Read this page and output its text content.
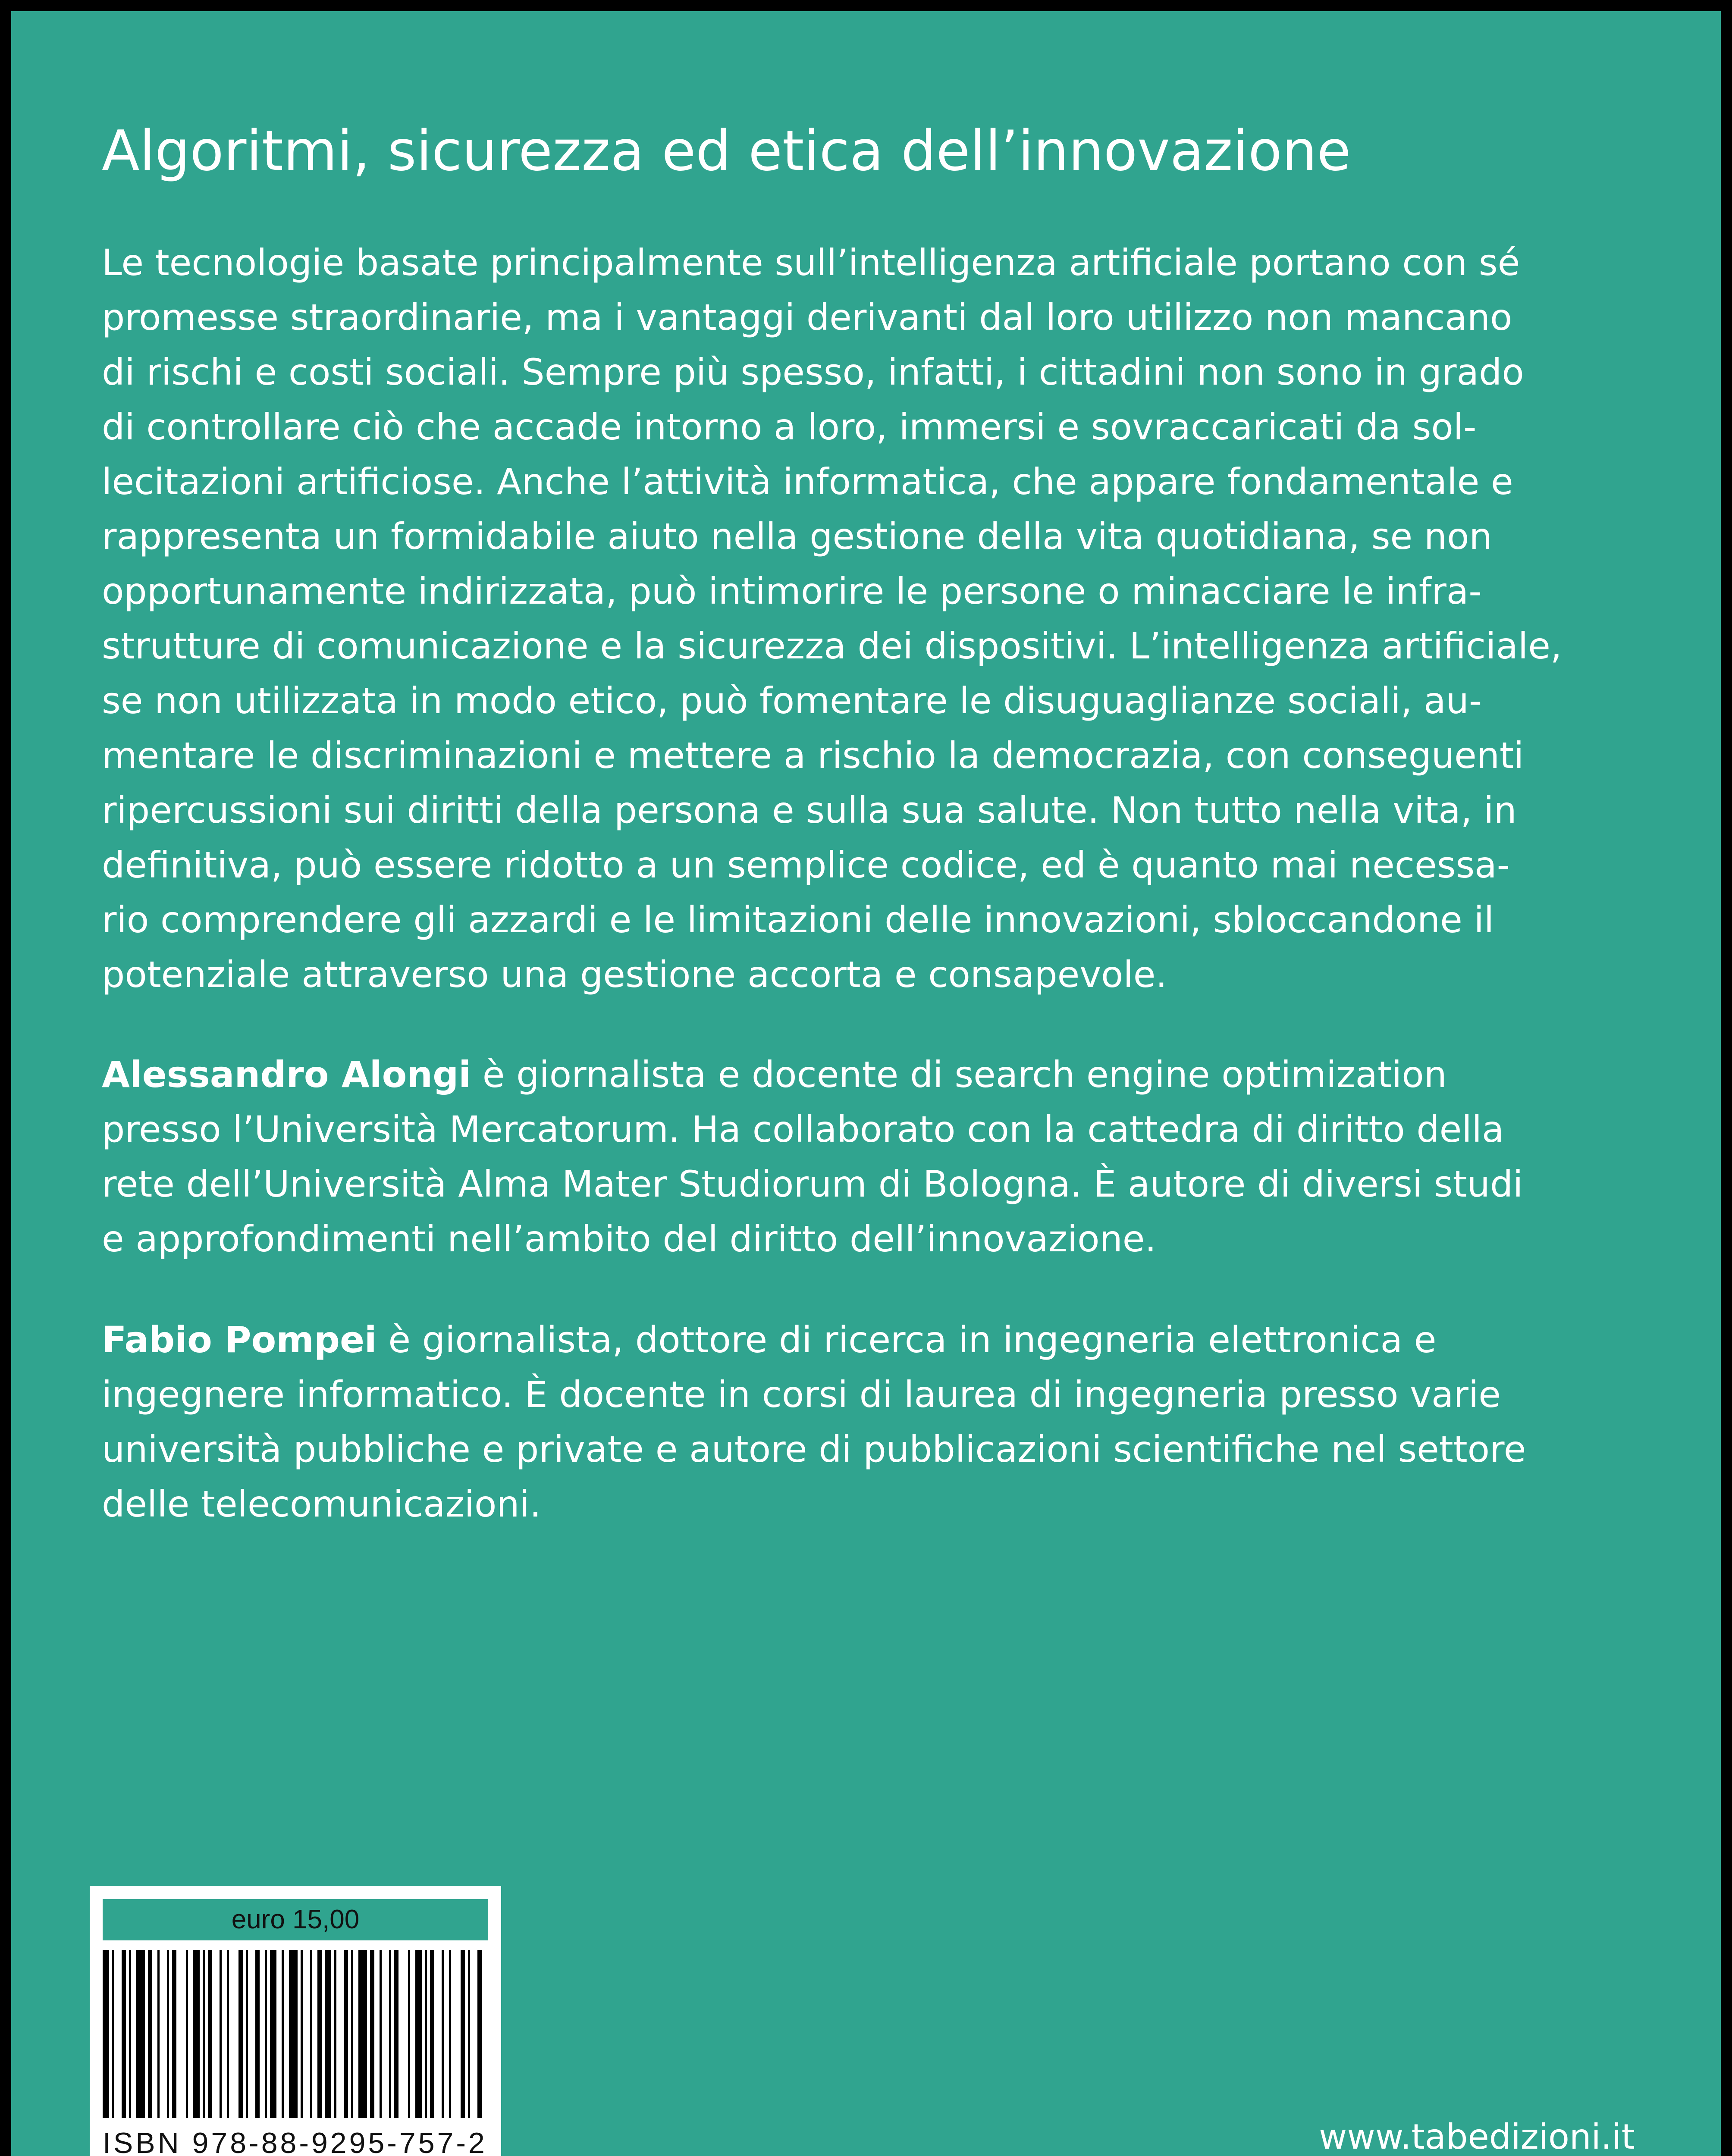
Algoritmi, sicurezza ed etica dell’innovazione

Le tecnologie basate principalmente sull’intelligenza artificiale portano con sé
promesse straordinarie, ma i vantaggi derivanti dal loro utilizzo non mancano
di rischi e costi sociali. Sempre più spesso, infatti, i cittadini non sono in grado
di controllare ciò che accade intorno a loro, immersi e sovraccaricati da sol-
lecitazioni artificiose. Anche l’attività informatica, che appare fondamentale e
rappresenta un formidabile aiuto nella gestione della vita quotidiana, se non
opportunamente indirizzata, può intimorire le persone o minacciare le infra-
strutture di comunicazione e la sicurezza dei dispositivi. L’intelligenza artificiale,
se non utilizzata in modo etico, può fomentare le disuguaglianze sociali, au-
mentare le discriminazioni e mettere a rischio la democrazia, con conseguenti
ripercussioni sui diritti della persona e sulla sua salute. Non tutto nella vita, in
definitiva, può essere ridotto a un semplice codice, ed è quanto mai necessa-
rio comprendere gli azzardi e le limitazioni delle innovazioni, sbloccandone il
potenziale attraverso una gestione accorta e consapevole.

Alessandro Alongi è giornalista e docente di search engine optimization
presso l’Università Mercatorum. Ha collaborato con la cattedra di diritto della
rete dell’Università Alma Mater Studiorum di Bologna. È autore di diversi studi
e approfondimenti nell’ambito del diritto dell’innovazione.

Fabio Pompei è giornalista, dottore di ricerca in ingegneria elettronica e
ingegnere informatico. È docente in corsi di laurea di ingegneria presso varie
università pubbliche e private e autore di pubblicazioni scientifiche nel settore
delle telecomunicazioni.

euro 15,00
ISBN 978-88-9295-757-2	www.tabedizioni.it
